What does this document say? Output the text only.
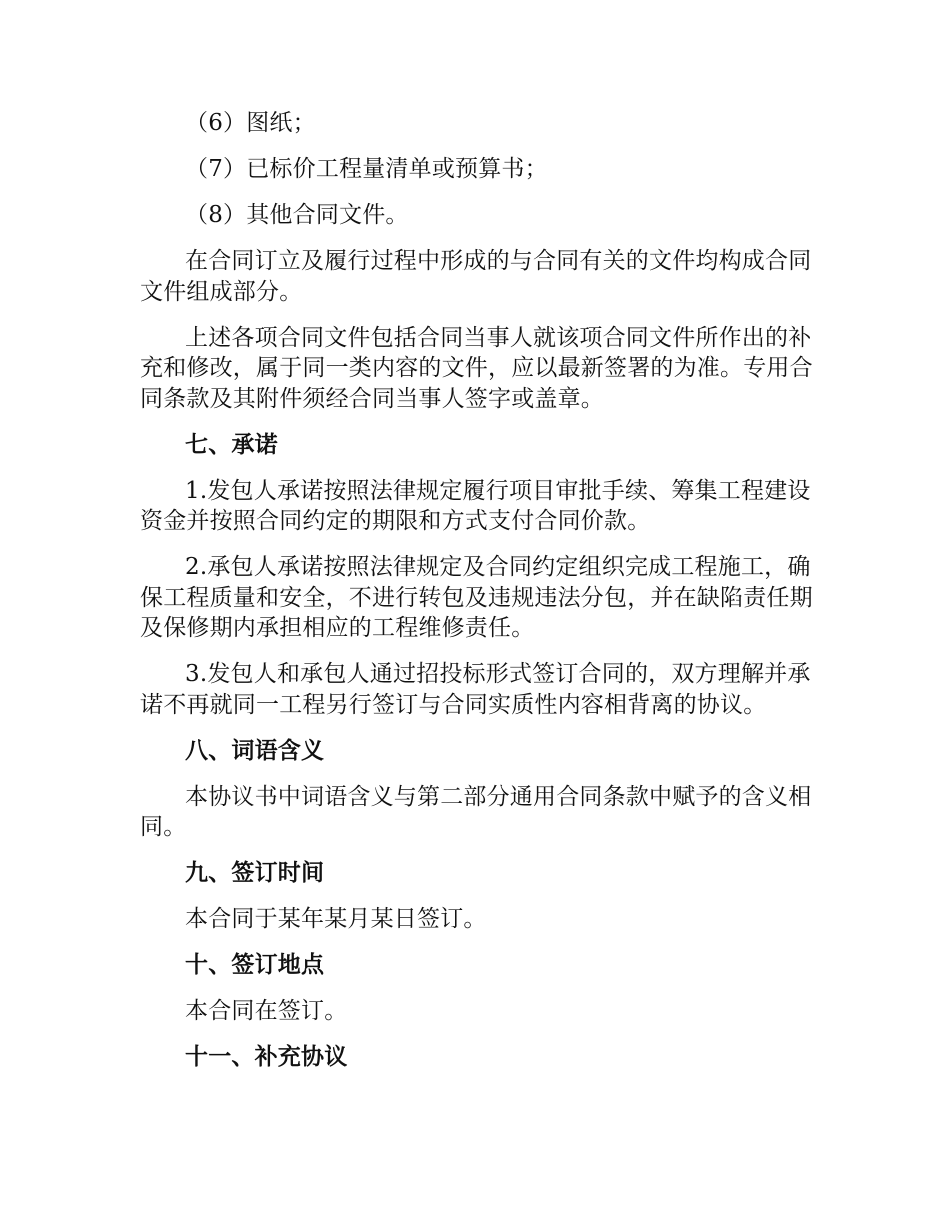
（6）图纸；

（7）已标价工程量清单或预算书；

（8）其他合同文件。

在合同订立及履行过程中形成的与合同有关的文件均构成合同文件组成部分。

上述各项合同文件包括合同当事人就该项合同文件所作出的补充和修改，属于同一类内容的文件，应以最新签署的为准。专用合同条款及其附件须经合同当事人签字或盖章。

七、承诺

1.发包人承诺按照法律规定履行项目审批手续、筹集工程建设资金并按照合同约定的期限和方式支付合同价款。

2.承包人承诺按照法律规定及合同约定组织完成工程施工，确保工程质量和安全，不进行转包及违规违法分包，并在缺陷责任期及保修期内承担相应的工程维修责任。

3.发包人和承包人通过招投标形式签订合同的，双方理解并承诺不再就同一工程另行签订与合同实质性内容相背离的协议。

八、词语含义

本协议书中词语含义与第二部分通用合同条款中赋予的含义相同。

九、签订时间

本合同于某年某月某日签订。

十、签订地点

本合同在签订。

十一、补充协议
